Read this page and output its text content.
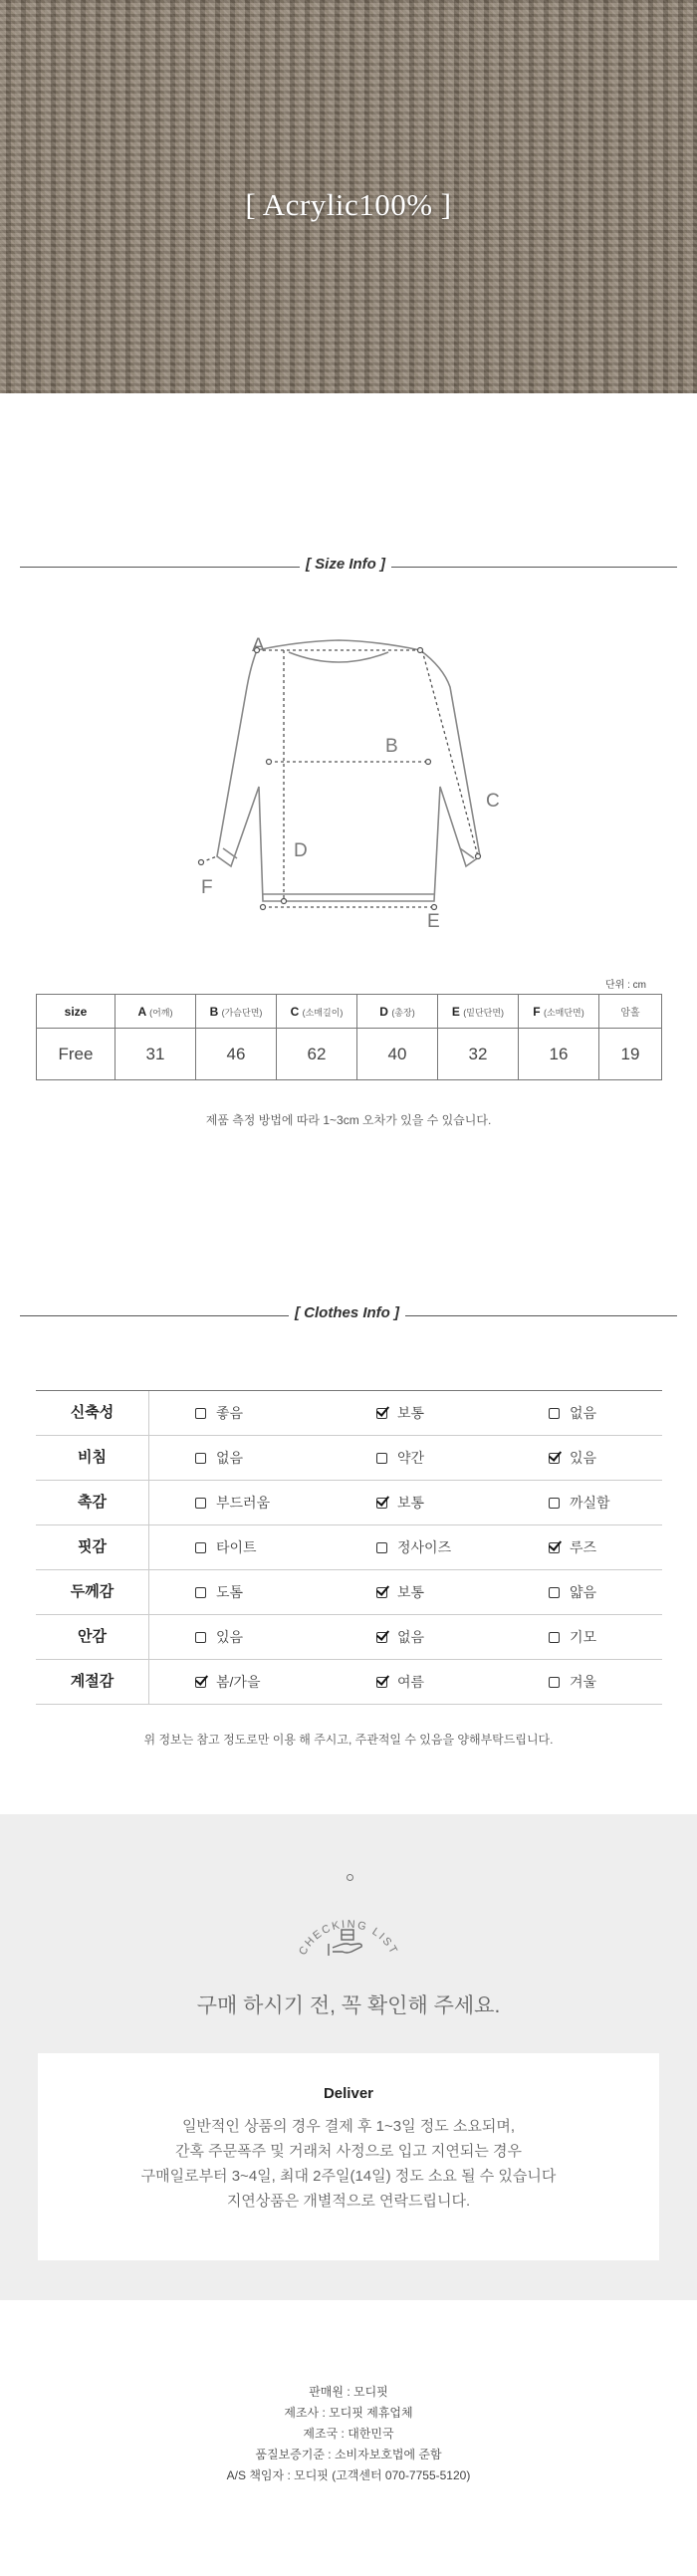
[ Acrylic100% ]
[ Size Info ]
A
B
C
D
E
F
단위 : cm
size	A (어깨)	B (가슴단면)	C (소매길이)	D (총장)	E (밑단단면)	F (소매단면)	암홀
Free	31	46	62	40	32	16	19
제품 측정 방법에 따라 1~3cm 오차가 있을 수 있습니다.
[ Clothes Info ]
신축성	좋음	보통	없음
비침	없음	약간	있음
촉감	부드러움	보통	까실함
핏감	타이트	정사이즈	루즈
두께감	도톰	보통	얇음
안감	있음	없음	기모
계절감	봄/가을	여름	겨울
위 정보는 참고 정도로만 이용 해 주시고, 주관적일 수 있음을 양해부탁드립니다.
CHECKING LIST
구매 하시기 전, 꼭 확인해 주세요.
Deliver
일반적인 상품의 경우 결제 후 1~3일 정도 소요되며,
간혹 주문폭주 및 거래처 사정으로 입고 지연되는 경우
구매일로부터 3~4일, 최대 2주일(14일) 정도 소요 될 수 있습니다
지연상품은 개별적으로 연락드립니다.
판매원 : 모디핏
제조사 : 모디핏 제휴업체
제조국 : 대한민국
품질보증기준 : 소비자보호법에 준함
A/S 책임자 : 모디핏 (고객센터 070-7755-5120)
